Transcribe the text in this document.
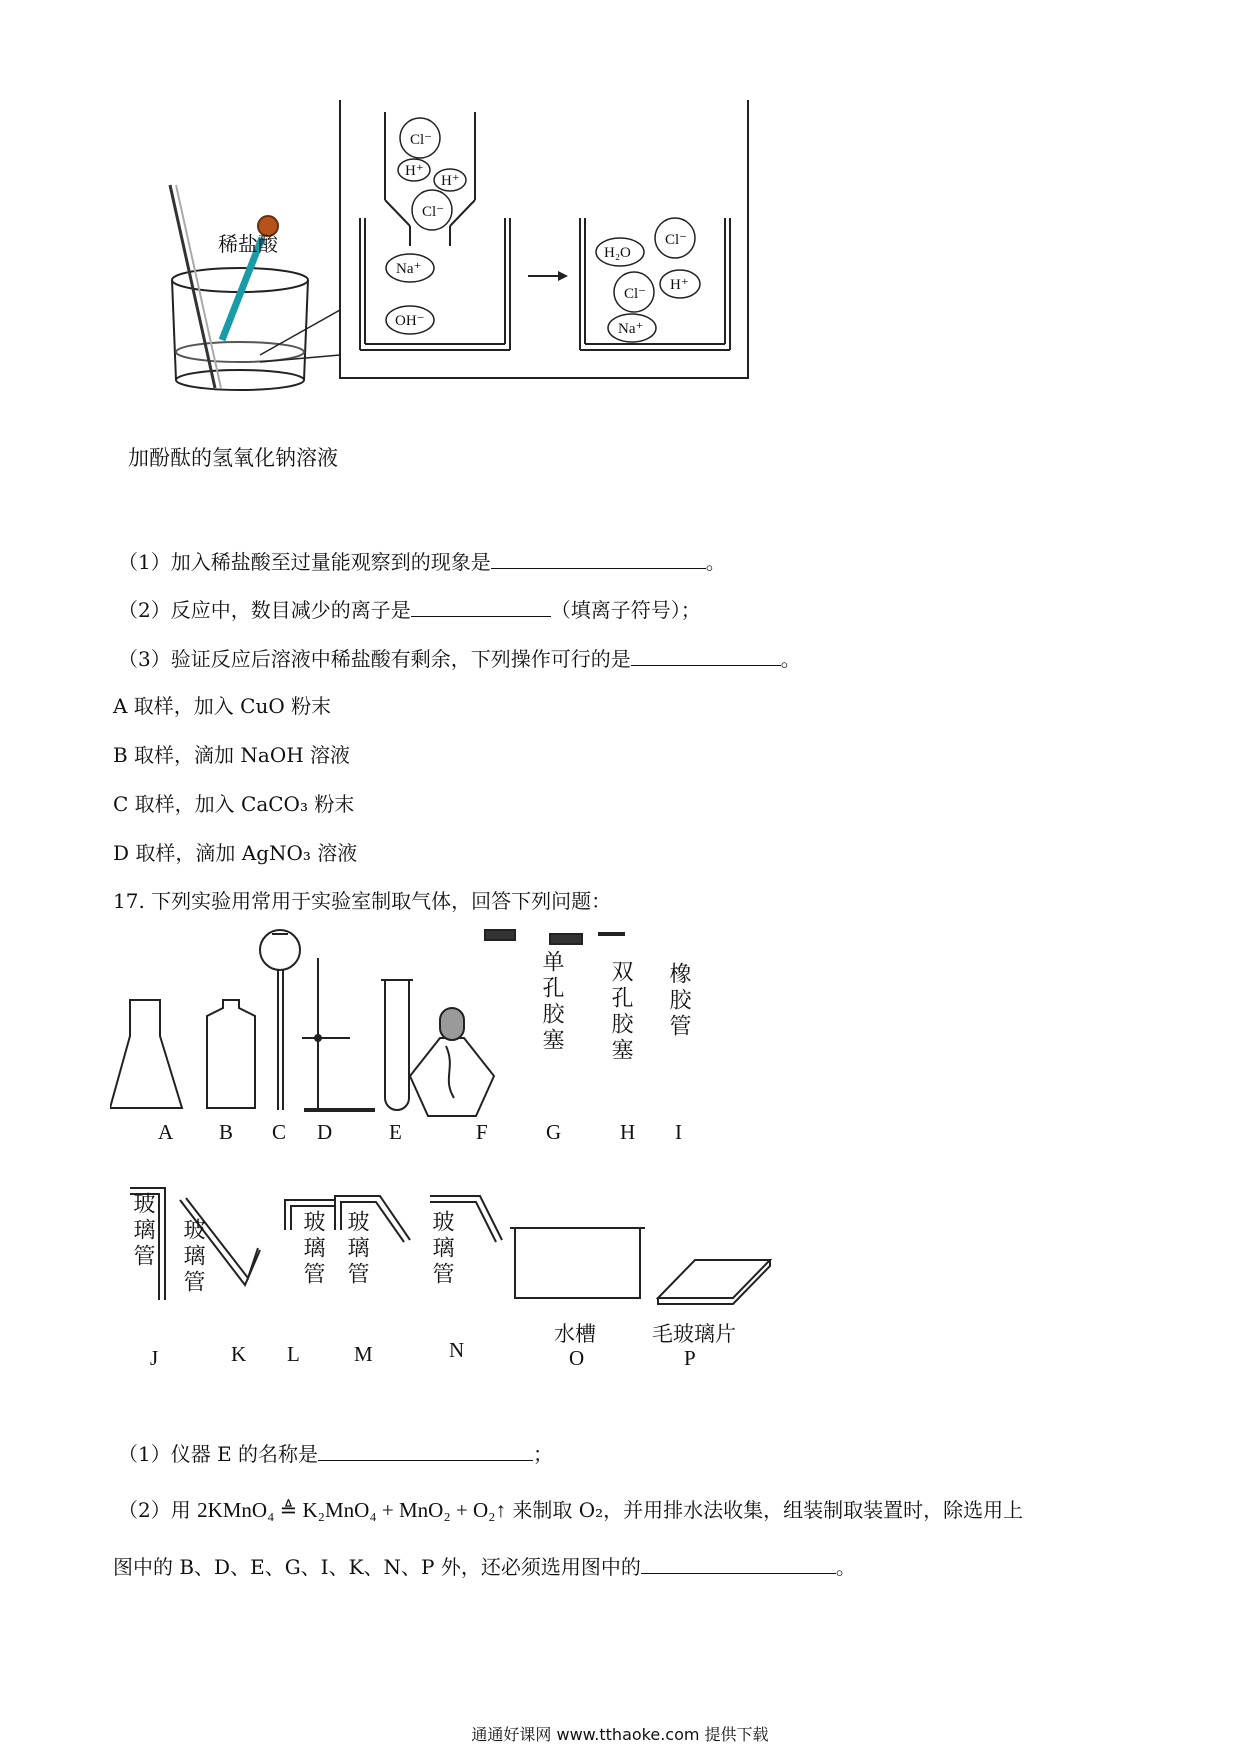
Cl⁻
H⁺
H⁺
Cl⁻
Na⁺
OH⁻
H₂O
Cl⁻
Cl⁻
H⁺
Na⁺
稀盐酸
加酚酞的氢氧化钠溶液
（1）加入稀盐酸至过量能观察到的现象是	。
（2）反应中，数目减少的离子是	（填离子符号）；
（3）验证反应后溶液中稀盐酸有剩余，下列操作可行的是	。
A 取样，加入 CuO 粉末
B 取样，滴加 NaOH 溶液
C 取样，加入 CaCO₃ 粉末
D 取样，滴加 AgNO₃ 溶液
17. 下列实验用常用于实验室制取气体，回答下列问题：
单孔胶塞 双孔胶塞 橡胶管
A B C D	E	F	G	H I
玻璃管 玻璃管	玻璃管 玻璃管	玻璃管
水槽	毛玻璃片
J	K L	M	N	O	P
（1）仪器 E 的名称是	；
（2）用 2KMnO₄ ≜ K₂MnO₄ + MnO₂ + O₂↑ 来制取 O₂，并用排水法收集，组装制取装置时，除选用上
图中的 B、D、E、G、I、K、N、P 外，还必须选用图中的	。
通通好课网 www.tthaoke.com 提供下载
